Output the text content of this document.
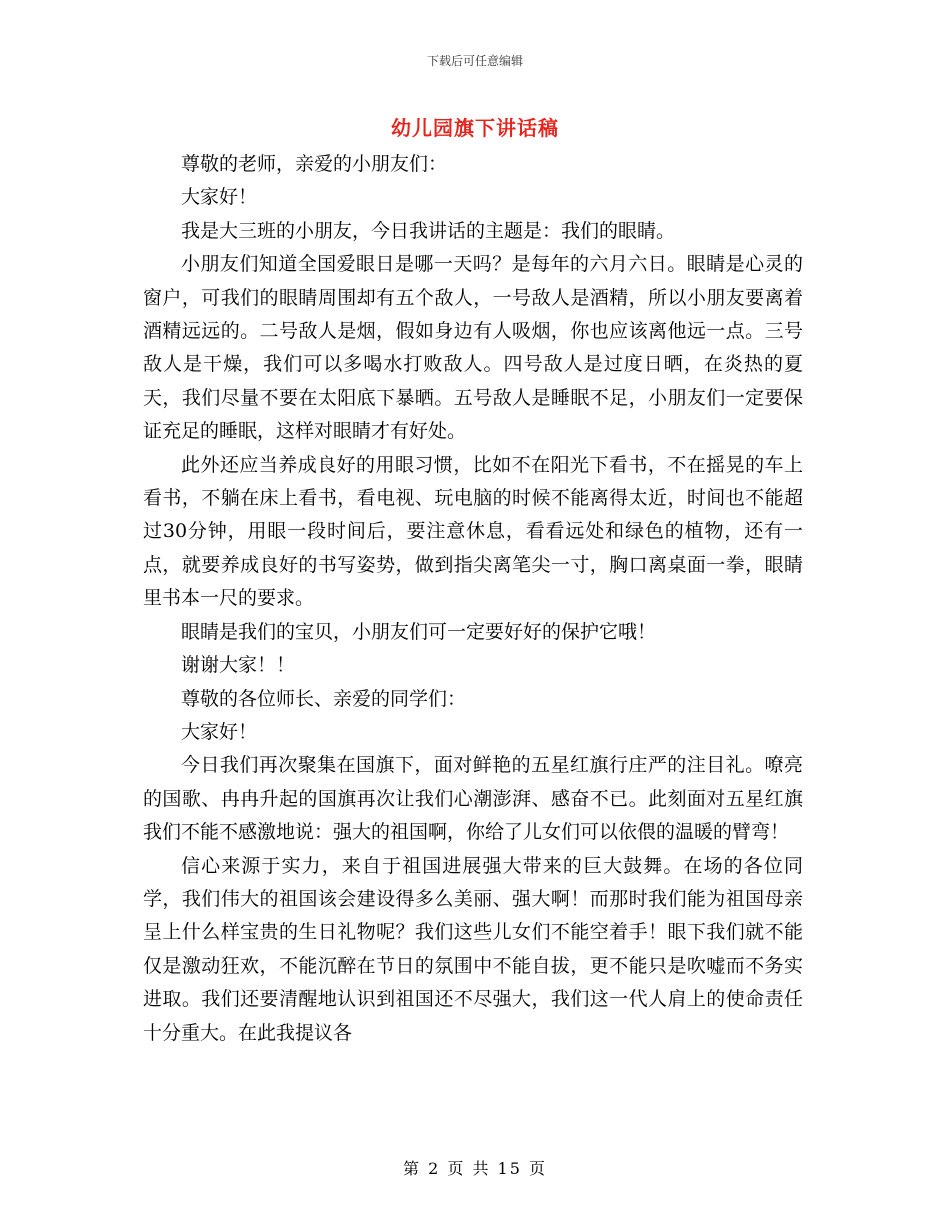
下载后可任意编辑
幼儿园旗下讲话稿

尊敬的老师，亲爱的小朋友们：

大家好！

我是大三班的小朋友，今日我讲话的主题是：我们的眼睛。

小朋友们知道全国爱眼日是哪一天吗？是每年的六月六日。眼睛是心灵的窗户，可我们的眼睛周围却有五个敌人，一号敌人是酒精，所以小朋友要离着酒精远远的。二号敌人是烟，假如身边有人吸烟，你也应该离他远一点。三号敌人是干燥，我们可以多喝水打败敌人。四号敌人是过度日晒，在炎热的夏天，我们尽量不要在太阳底下暴晒。五号敌人是睡眠不足，小朋友们一定要保证充足的睡眠，这样对眼睛才有好处。

此外还应当养成良好的用眼习惯，比如不在阳光下看书，不在摇晃的车上看书，不躺在床上看书，看电视、玩电脑的时候不能离得太近，时间也不能超过30分钟，用眼一段时间后，要注意休息，看看远处和绿色的植物，还有一点，就要养成良好的书写姿势，做到指尖离笔尖一寸，胸口离桌面一拳，眼睛里书本一尺的要求。

眼睛是我们的宝贝，小朋友们可一定要好好的保护它哦！

谢谢大家！！

尊敬的各位师长、亲爱的同学们：

大家好！

今日我们再次聚集在国旗下，面对鲜艳的五星红旗行庄严的注目礼。嘹亮的国歌、冉冉升起的国旗再次让我们心潮澎湃、感奋不已。此刻面对五星红旗我们不能不感激地说：强大的祖国啊，你给了儿女们可以依偎的温暖的臂弯！

信心来源于实力，来自于祖国进展强大带来的巨大鼓舞。在场的各位同学，我们伟大的祖国该会建设得多么美丽、强大啊！而那时我们能为祖国母亲呈上什么样宝贵的生日礼物呢？我们这些儿女们不能空着手！眼下我们就不能仅是激动狂欢，不能沉醉在节日的氛围中不能自拔，更不能只是吹嘘而不务实进取。我们还要清醒地认识到祖国还不尽强大，我们这一代人肩上的使命责任十分重大。在此我提议各

第 2 页 共 15 页
